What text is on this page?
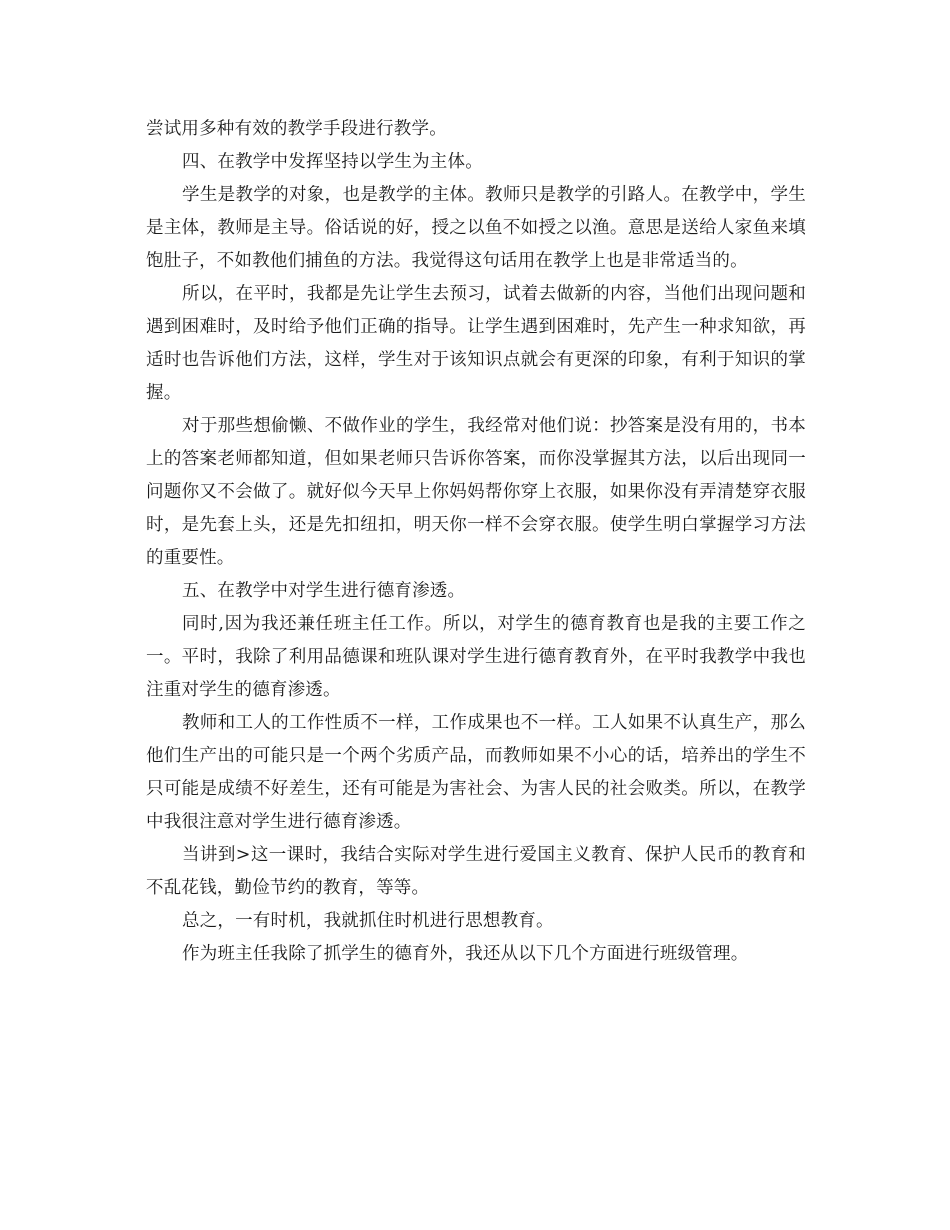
尝试用多种有效的教学手段进行教学。

四、在教学中发挥坚持以学生为主体。

学生是教学的对象，也是教学的主体。教师只是教学的引路人。在教学中，学生是主体，教师是主导。俗话说的好，授之以鱼不如授之以渔。意思是送给人家鱼来填饱肚子，不如教他们捕鱼的方法。我觉得这句话用在教学上也是非常适当的。

所以，在平时，我都是先让学生去预习，试着去做新的内容，当他们出现问题和遇到困难时，及时给予他们正确的指导。让学生遇到困难时，先产生一种求知欲，再适时也告诉他们方法，这样，学生对于该知识点就会有更深的印象，有利于知识的掌握。

对于那些想偷懒、不做作业的学生，我经常对他们说：抄答案是没有用的，书本上的答案老师都知道，但如果老师只告诉你答案，而你没掌握其方法，以后出现同一问题你又不会做了。就好似今天早上你妈妈帮你穿上衣服，如果你没有弄清楚穿衣服时，是先套上头，还是先扣纽扣，明天你一样不会穿衣服。使学生明白掌握学习方法的重要性。

五、在教学中对学生进行德育渗透。

同时,因为我还兼任班主任工作。所以，对学生的德育教育也是我的主要工作之一。平时，我除了利用品德课和班队课对学生进行德育教育外，在平时我教学中我也注重对学生的德育渗透。

教师和工人的工作性质不一样，工作成果也不一样。工人如果不认真生产，那么他们生产出的可能只是一个两个劣质产品，而教师如果不小心的话，培养出的学生不只可能是成绩不好差生，还有可能是为害社会、为害人民的社会败类。所以，在教学中我很注意对学生进行德育渗透。

当讲到>这一课时，我结合实际对学生进行爱国主义教育、保护人民币的教育和不乱花钱，勤俭节约的教育，等等。

总之，一有时机，我就抓住时机进行思想教育。

作为班主任我除了抓学生的德育外，我还从以下几个方面进行班级管理。
